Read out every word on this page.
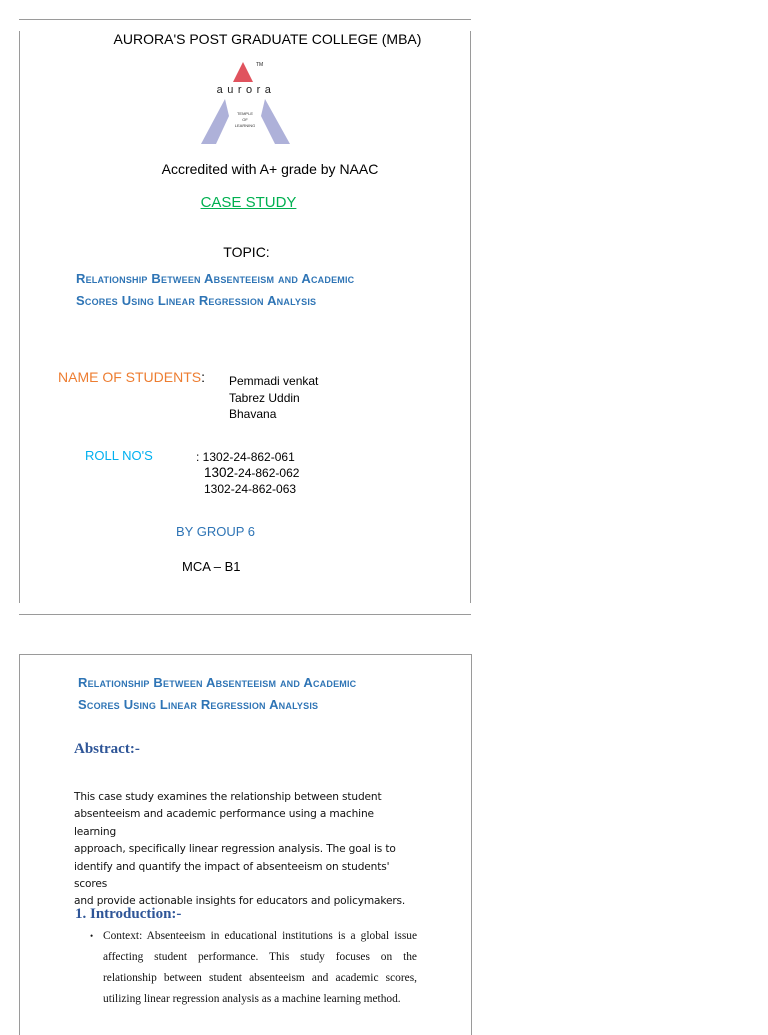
AURORA'S POST GRADUATE COLLEGE (MBA)
TM
aurora
TEMPLE
OF
LEARNING
Accredited with A+ grade by NAAC
CASE STUDY
TOPIC:
Relationship Between Absenteeism and Academic
Scores Using Linear Regression Analysis
NAME OF STUDENTS: Pemmadi venkat
Tabrez Uddin
Bhavana
ROLL NO'S	: 1302-24-862-061
1302-24-862-062
1302-24-862-063
BY GROUP 6
MCA – B1
Relationship Between Absenteeism and Academic
Scores Using Linear Regression Analysis
Abstract:-
This case study examines the relationship between student
absenteeism and academic performance using a machine learning
approach, specifically linear regression analysis. The goal is to
identify and quantify the impact of absenteeism on students' scores
and provide actionable insights for educators and policymakers.
1. Introduction:-
• Context: Absenteeism in educational institutions is a global issue affecting student performance. This study focuses on the relationship between student absenteeism and academic scores, utilizing linear regression analysis as a machine learning method.
